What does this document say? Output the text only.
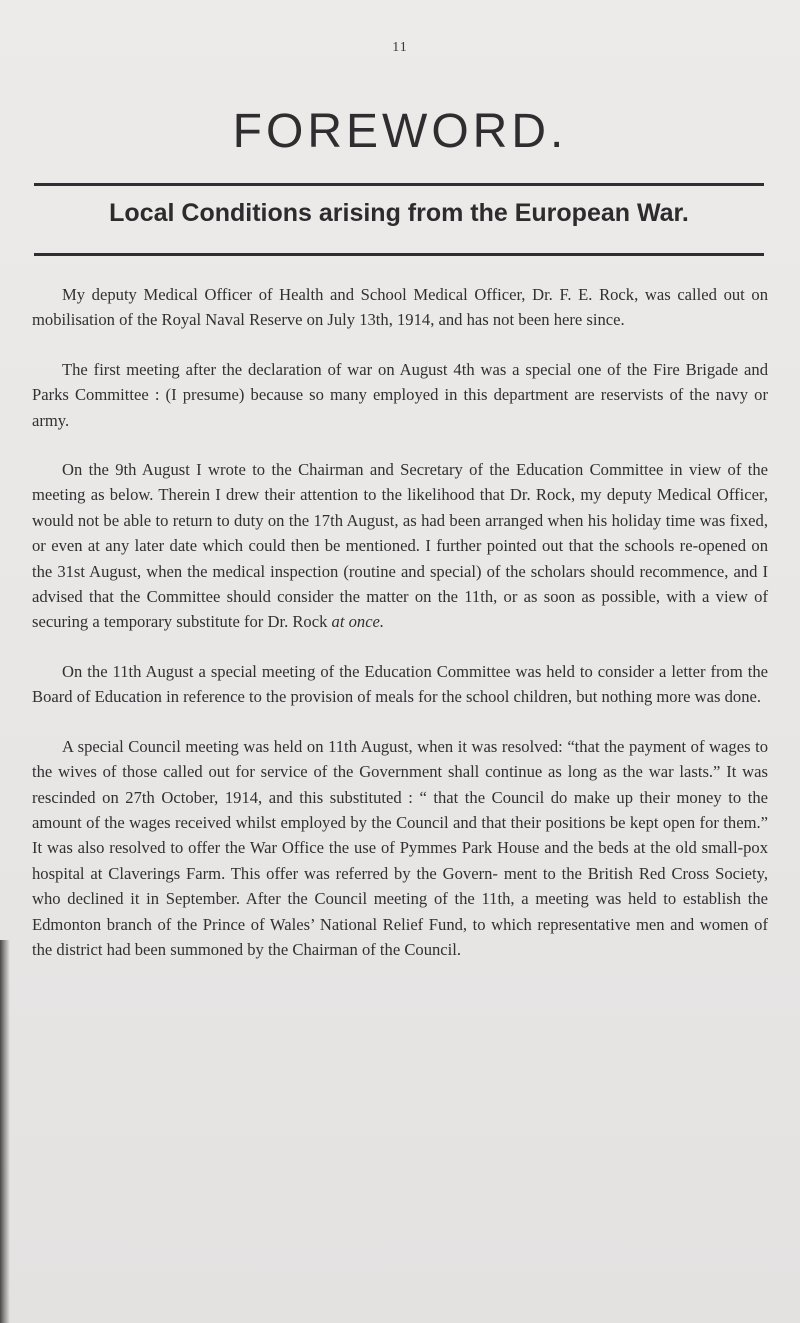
11
FOREWORD.
Local Conditions arising from the European War.

My deputy Medical Officer of Health and School Medical Officer, Dr. F. E. Rock, was called out on mobilisation of the Royal Naval Reserve on July 13th, 1914, and has not been here since.

The first meeting after the declaration of war on August 4th was a special one of the Fire Brigade and Parks Committee : (I presume) because so many employed in this department are reservists of the navy or army.

On the 9th August I wrote to the Chairman and Secretary of the Education Committee in view of the meeting as below. Therein I drew their attention to the likelihood that Dr. Rock, my deputy Medical Officer, would not be able to return to duty on the 17th August, as had been arranged when his holiday time was fixed, or even at any later date which could then be mentioned. I further pointed out that the schools re-opened on the 31st August, when the medical inspection (routine and special) of the scholars should recommence, and I advised that the Committee should consider the matter on the 11th, or as soon as possible, with a view of securing a temporary substitute for Dr. Rock at once.

On the 11th August a special meeting of the Education Committee was held to consider a letter from the Board of Education in reference to the provision of meals for the school children, but nothing more was done.

A special Council meeting was held on 11th August, when it was resolved: “that the payment of wages to the wives of those called out for service of the Government shall continue as long as the war lasts.” It was rescinded on 27th October, 1914, and this substituted : “ that the Council do make up their money to the amount of the wages received whilst employed by the Council and that their positions be kept open for them.” It was also resolved to offer the War Office the use of Pymmes Park House and the beds at the old small-pox hospital at Claverings Farm. This offer was referred by the Govern- ment to the British Red Cross Society, who declined it in September. After the Council meeting of the 11th, a meeting was held to establish the Edmonton branch of the Prince of Wales’ National Relief Fund, to which representative men and women of the district had been summoned by the Chairman of the Council.
